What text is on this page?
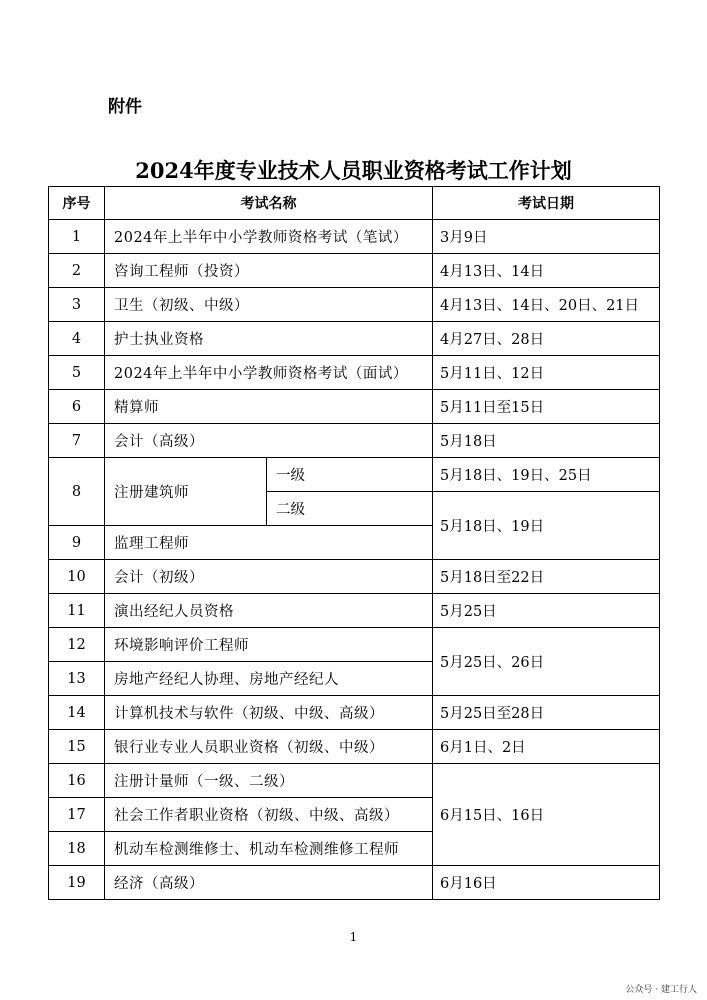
附件
2024年度专业技术人员职业资格考试工作计划
序号	考试名称		考试日期
1	2024年上半年中小学教师资格考试（笔试）		3月9日
2	咨询工程师（投资）		4月13日、14日
3	卫生（初级、中级）		4月13日、14日、20日、21日
4	护士执业资格		4月27日、28日
5	2024年上半年中小学教师资格考试（面试）		5月11日、12日
6	精算师		5月11日至15日
7	会计（高级）		5月18日
8	注册建筑师	一级	5月18日、19日、25日
		二级	5月18日、19日
9	监理工程师		
10	会计（初级）		5月18日至22日
11	演出经纪人员资格		5月25日
12	环境影响评价工程师		5月25日、26日
13	房地产经纪人协理、房地产经纪人		
14	计算机技术与软件（初级、中级、高级）		5月25日至28日
15	银行业专业人员职业资格（初级、中级）		6月1日、2日
16	注册计量师（一级、二级）		6月15日、16日
17	社会工作者职业资格（初级、中级、高级）		
18	机动车检测维修士、机动车检测维修工程师		
19	经济（高级）		6月16日
1
公众号 · 建工行人
